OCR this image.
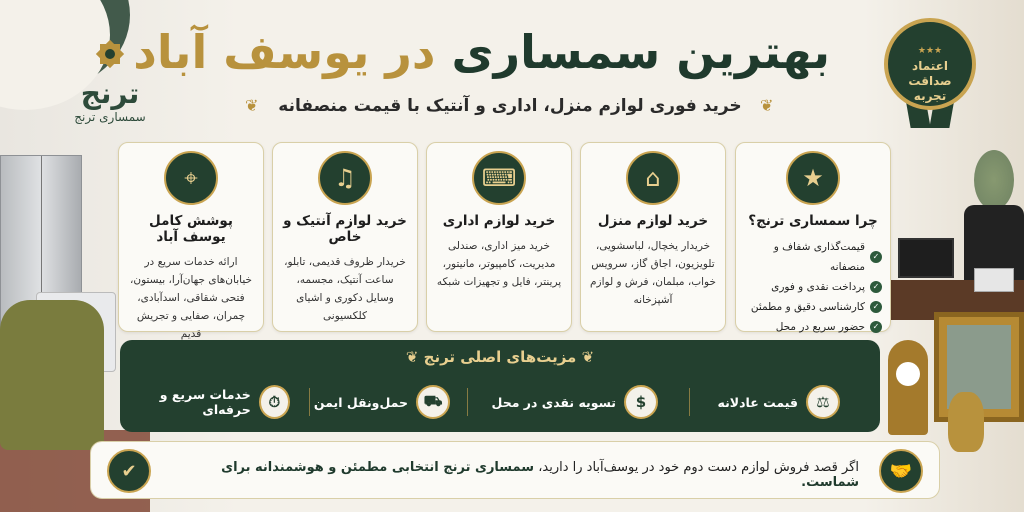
ترنج
سمساری ترنج
بهترین سمساری در یوسف آباد
❦	خرید فوری لوازم منزل، اداری و آنتیک با قیمت منصفانه	❦
★★★
اعتماد
صداقت
تجربه
★
چرا سمساری ترنج؟
✓
قیمت‌گذاری شفاف و منصفانه
✓
پرداخت نقدی و فوری
✓
کارشناسی دقیق و مطمئن
✓
حضور سریع در محل
⌂
خرید لوازم منزل

خریدار یخچال، لباسشویی، تلویزیون، اجاق گاز، سرویس خواب، مبلمان، فرش و لوازم آشپزخانه

⌨
خرید لوازم اداری

خرید میز اداری، صندلی مدیریت، کامپیوتر، مانیتور، پرینتر، فایل و تجهیزات شبکه

♫
خرید لوازم آنتیک و خاص

خریدار ظروف قدیمی، تابلو، ساعت آنتیک، مجسمه، وسایل دکوری و اشیای کلکسیونی

⌖
پوشش کامل یوسف آباد

ارائه خدمات سریع در خیابان‌های جهان‌آرا، بیستون، فتحی شقاقی، اسدآبادی، چمران، صفایی و تجریش قدیم

❦ مزیت‌های اصلی ترنج ❦
⚖
قیمت عادلانه
$
تسویه نقدی در محل
⛟
حمل‌ونقل ایمن
⏱
خدمات سریع و حرفه‌ای
🤝
اگر قصد فروش لوازم دست دوم خود در یوسف‌آباد را دارید، سمساری ترنج انتخابی مطمئن و هوشمندانه برای شماست.
✔
